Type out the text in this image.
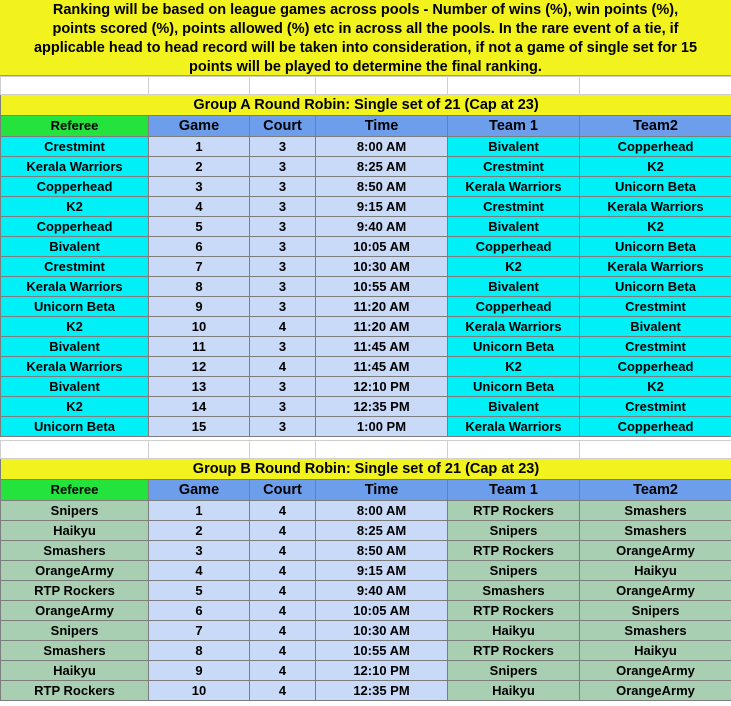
Ranking will be based on league games across pools - Number of wins (%), win points (%),
points scored (%), points allowed (%) etc in across all the pools. In the rare event of a tie, if
applicable head to head record will be taken into consideration, if not a game of single set for 15
points will be played to determine the final ranking.

Group A Round Robin: Single set of 21 (Cap at 23)					
Referee	Game	Court	Time	Team 1	Team2
Crestmint	1	3	8:00 AM	Bivalent	Copperhead
Kerala Warriors	2	3	8:25 AM	Crestmint	K2
Copperhead	3	3	8:50 AM	Kerala Warriors	Unicorn Beta
K2	4	3	9:15 AM	Crestmint	Kerala Warriors
Copperhead	5	3	9:40 AM	Bivalent	K2
Bivalent	6	3	10:05 AM	Copperhead	Unicorn Beta
Crestmint	7	3	10:30 AM	K2	Kerala Warriors
Kerala Warriors	8	3	10:55 AM	Bivalent	Unicorn Beta
Unicorn Beta	9	3	11:20 AM	Copperhead	Crestmint
K2	10	4	11:20 AM	Kerala Warriors	Bivalent
Bivalent	11	3	11:45 AM	Unicorn Beta	Crestmint
Kerala Warriors	12	4	11:45 AM	K2	Copperhead
Bivalent	13	3	12:10 PM	Unicorn Beta	K2
K2	14	3	12:35 PM	Bivalent	Crestmint
Unicorn Beta	15	3	1:00 PM	Kerala Warriors	Copperhead

Group B Round Robin: Single set of 21 (Cap at 23)					
Referee	Game	Court	Time	Team 1	Team2
Snipers	1	4	8:00 AM	RTP Rockers	Smashers
Haikyu	2	4	8:25 AM	Snipers	Smashers
Smashers	3	4	8:50 AM	RTP Rockers	OrangeArmy
OrangeArmy	4	4	9:15 AM	Snipers	Haikyu
RTP Rockers	5	4	9:40 AM	Smashers	OrangeArmy
OrangeArmy	6	4	10:05 AM	RTP Rockers	Snipers
Snipers	7	4	10:30 AM	Haikyu	Smashers
Smashers	8	4	10:55 AM	RTP Rockers	Haikyu
Haikyu	9	4	12:10 PM	Snipers	OrangeArmy
RTP Rockers	10	4	12:35 PM	Haikyu	OrangeArmy
